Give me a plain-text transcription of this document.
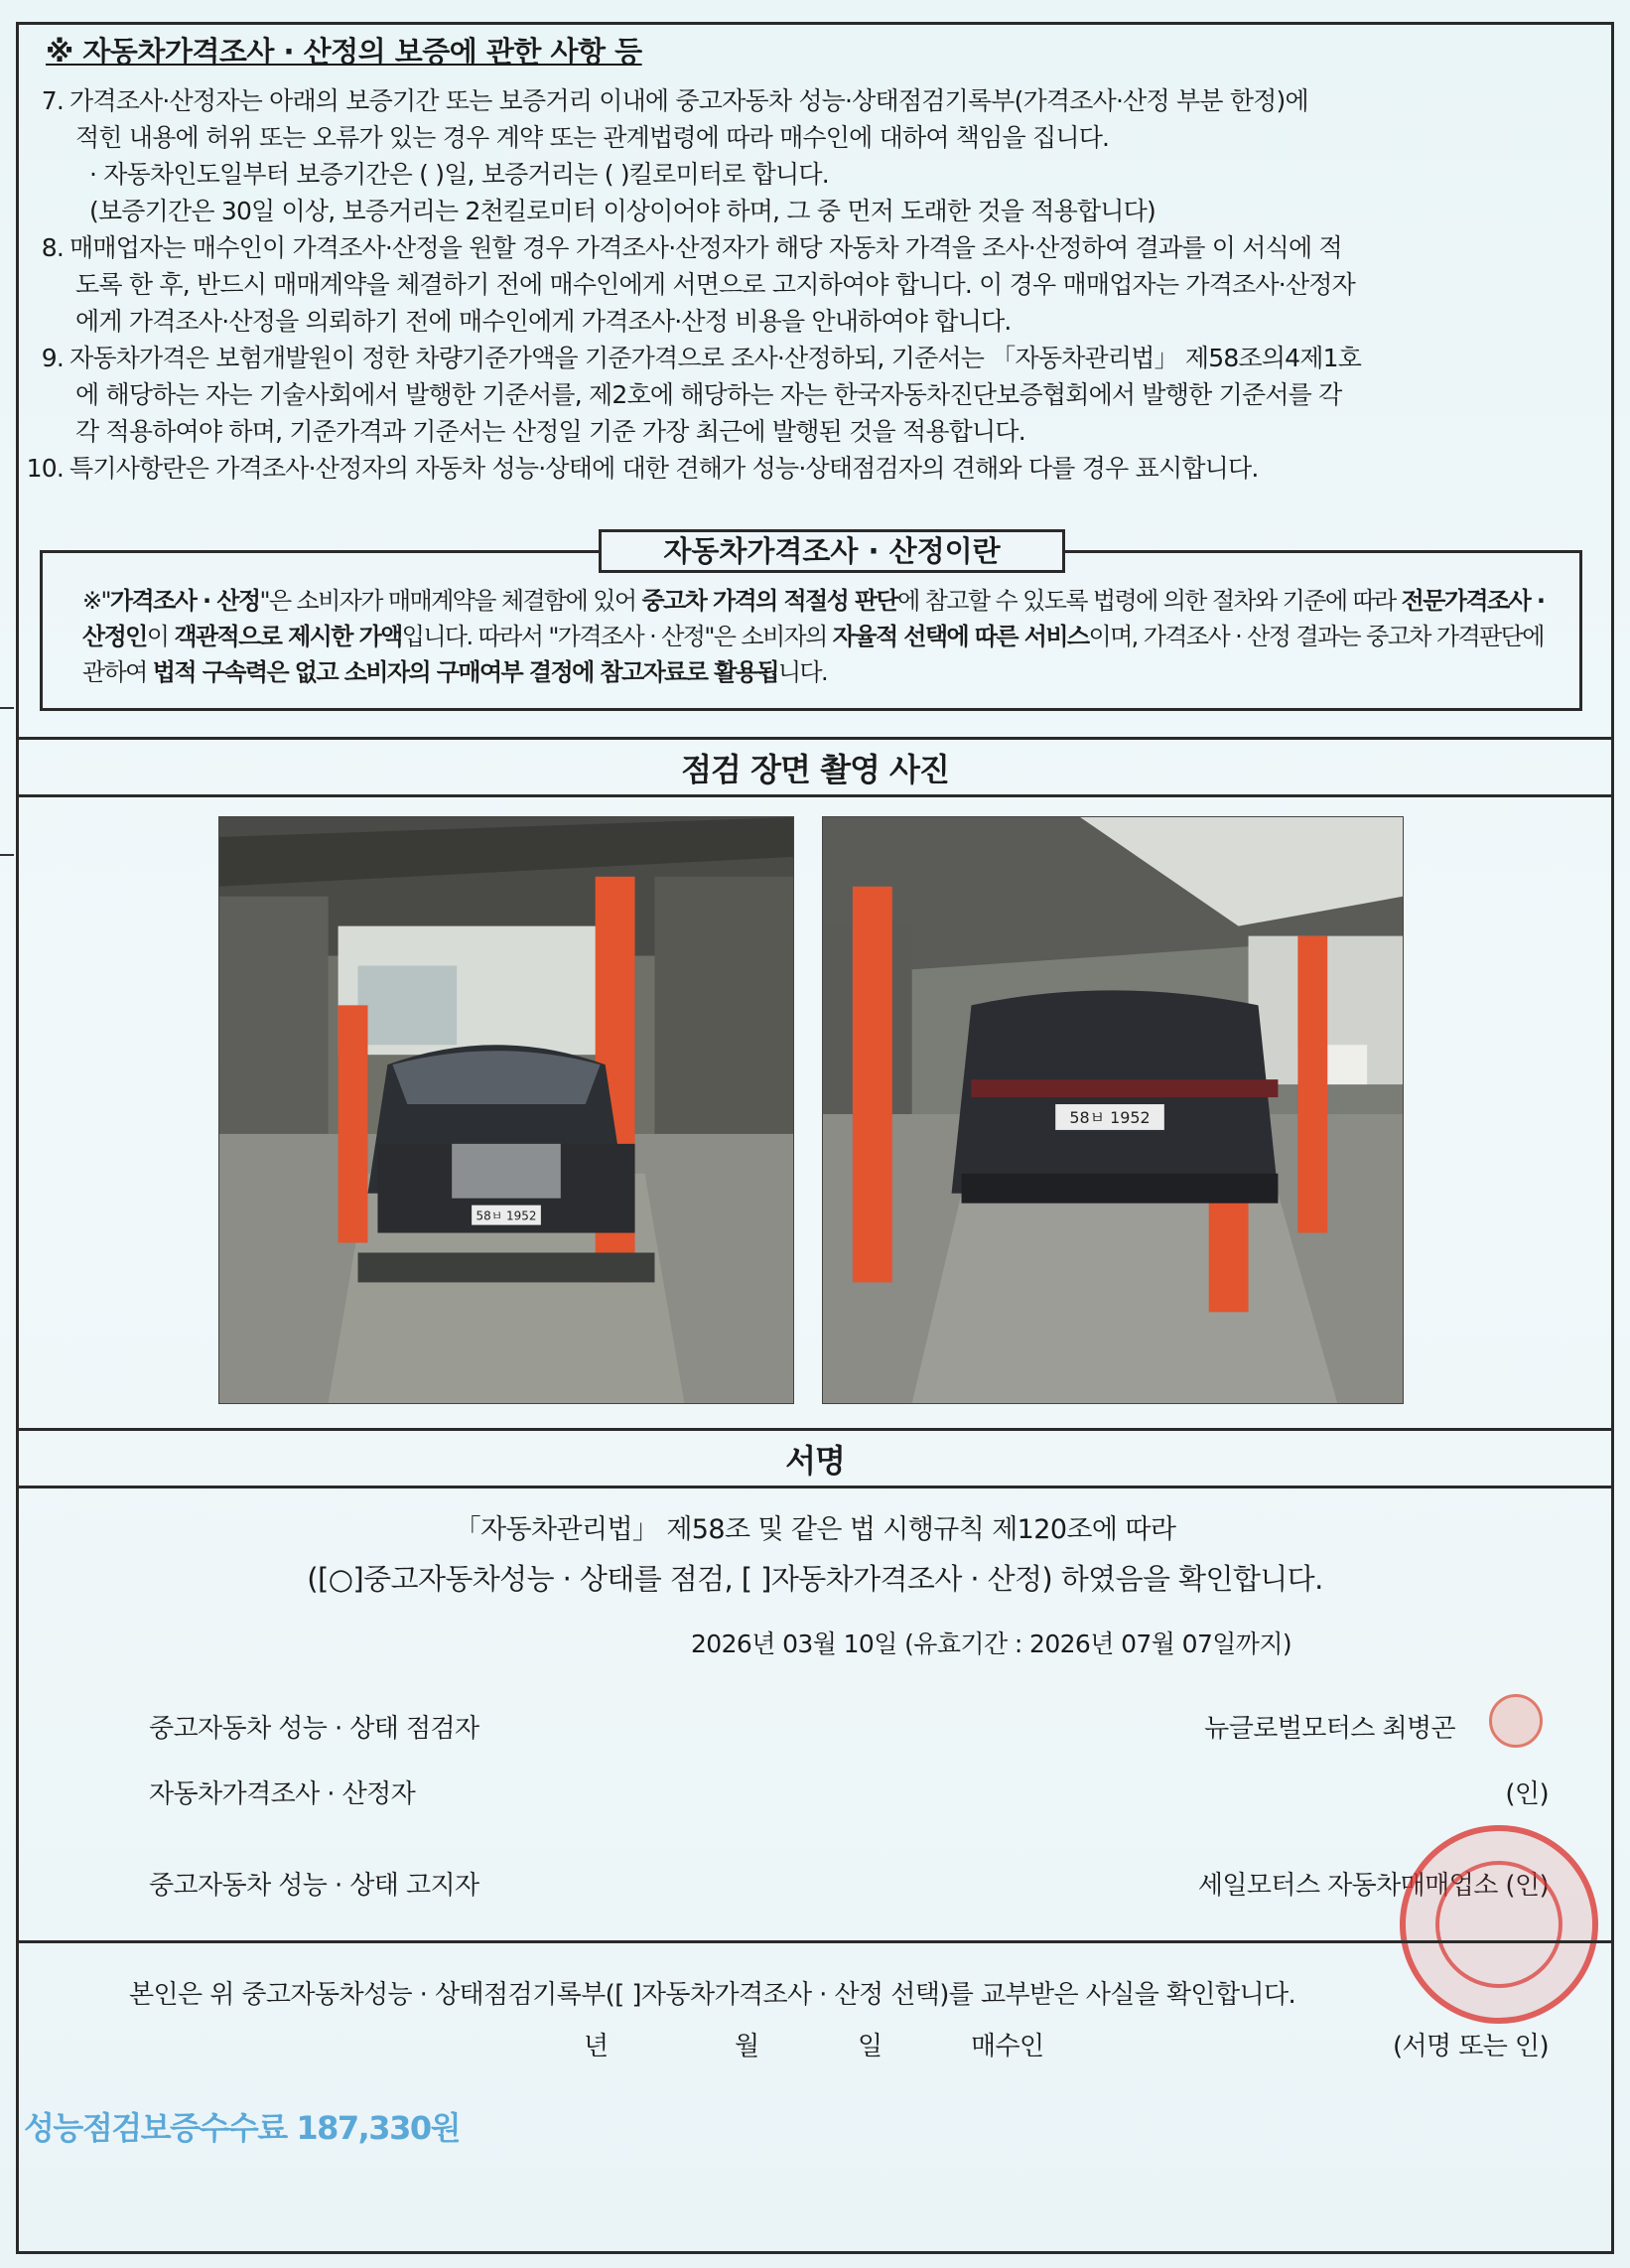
※ 자동차가격조사 · 산정의 보증에 관한 사항 등
7. 가격조사·산정자는 아래의 보증기간 또는 보증거리 이내에 중고자동차 성능·상태점검기록부(가격조사·산정 부분 한정)에
적힌 내용에 허위 또는 오류가 있는 경우 계약 또는 관계법령에 따라 매수인에 대하여 책임을 집니다.
· 자동차인도일부터 보증기간은 ( )일, 보증거리는 ( )킬로미터로 합니다.
(보증기간은 30일 이상, 보증거리는 2천킬로미터 이상이어야 하며, 그 중 먼저 도래한 것을 적용합니다)
8. 매매업자는 매수인이 가격조사·산정을 원할 경우 가격조사·산정자가 해당 자동차 가격을 조사·산정하여 결과를 이 서식에 적
도록 한 후, 반드시 매매계약을 체결하기 전에 매수인에게 서면으로 고지하여야 합니다. 이 경우 매매업자는 가격조사·산정자
에게 가격조사·산정을 의뢰하기 전에 매수인에게 가격조사·산정 비용을 안내하여야 합니다.
9. 자동차가격은 보험개발원이 정한 차량기준가액을 기준가격으로 조사·산정하되, 기준서는 「자동차관리법」 제58조의4제1호
에 해당하는 자는 기술사회에서 발행한 기준서를, 제2호에 해당하는 자는 한국자동차진단보증협회에서 발행한 기준서를 각
각 적용하여야 하며, 기준가격과 기준서는 산정일 기준 가장 최근에 발행된 것을 적용합니다.
10. 특기사항란은 가격조사·산정자의 자동차 성능·상태에 대한 견해가 성능·상태점검자의 견해와 다를 경우 표시합니다.
자동차가격조사 · 산정이란
※"가격조사 · 산정"은 소비자가 매매계약을 체결함에 있어 중고차 가격의 적절성 판단에 참고할 수 있도록 법령에 의한 절차와 기준에 따라 전문가격조사 · 산정인이 객관적으로 제시한 가액입니다. 따라서 "가격조사 · 산정"은 소비자의 자율적 선택에 따른 서비스이며, 가격조사 · 산정 결과는 중고차 가격판단에 관하여 법적 구속력은 없고 소비자의 구매여부 결정에 참고자료로 활용됩니다.
점검 장면 촬영 사진
58ㅂ 1952
58ㅂ 1952
서명
「자동차관리법」 제58조 및 같은 법 시행규칙 제120조에 따라
([○]중고자동차성능 · 상태를 점검, [ ]자동차가격조사 · 산정) 하였음을 확인합니다.
2026년 03월 10일 (유효기간 : 2026년 07월 07일까지)
중고자동차 성능 · 상태 점검자	뉴글로벌모터스 최병곤
자동차가격조사 · 산정자	(인)
중고자동차 성능 · 상태 고지자	세일모터스 자동차매매업소 (인)
본인은 위 중고자동차성능 · 상태점검기록부([ ]자동차가격조사 · 산정 선택)를 교부받은 사실을 확인합니다.
년	월	일	매수인	(서명 또는 인)
성능점검보증수수료 187,330원
